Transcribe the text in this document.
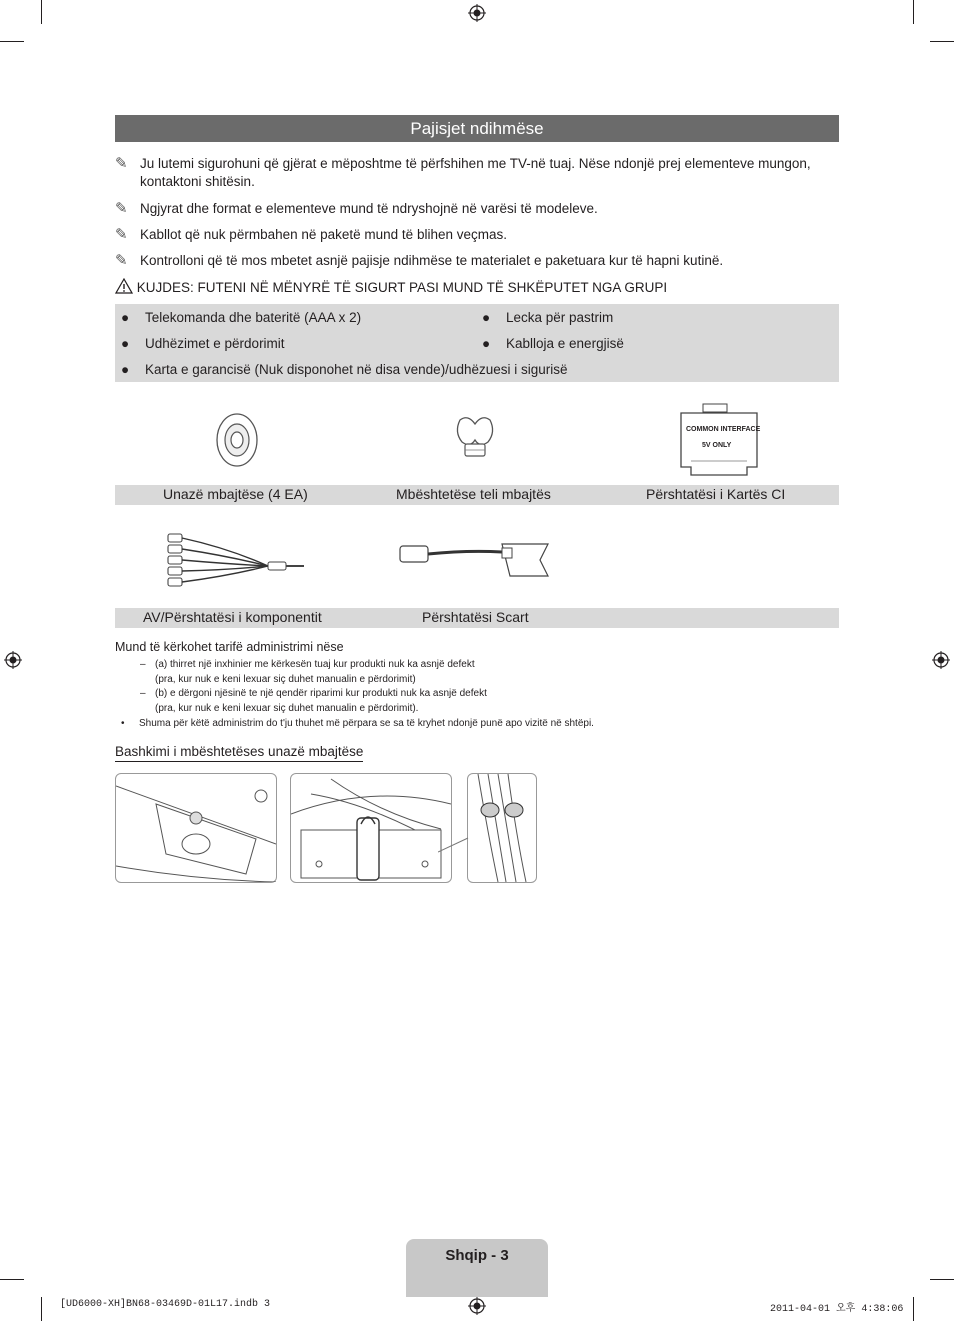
Pajisjet ndihmëse
✎ Ju lutemi sigurohuni që gjërat e mëposhtme të përfshihen me TV-në tuaj. Nëse ndonjë prej elementeve mungon, kontaktoni shitësin.
✎ Ngjyrat dhe format e elementeve mund të ndryshojnë në varësi të modeleve.
✎ Kabllot që nuk përmbahen në paketë mund të blihen veçmas.
✎ Kontrolloni që të mos mbetet asnjë pajisje ndihmëse te materialet e paketuara kur të hapni kutinë.
KUJDES: FUTENI NË MËNYRË TË SIGURT PASI MUND TË SHKËPUTET NGA GRUPI
● Telekomanda dhe bateritë (AAA x 2)	● Lecka për pastrim
● Udhëzimet e përdorimit	● Kablloja e energjisë
● Karta e garancisë (Nuk disponohet në disa vende)/udhëzuesi i sigurisë
COMMON INTERFACE
5V ONLY
Unazë mbajtëse (4 EA)	Mbështetëse teli mbajtës	Përshtatësi i Kartës CI
AV/Përshtatësi i komponentit	Përshtatësi Scart
Mund të kërkohet tarifë administrimi nëse
– (a) thirret një inxhinier me kërkesën tuaj kur produkti nuk ka asnjë defekt
(pra, kur nuk e keni lexuar siç duhet manualin e përdorimit)
– (b) e dërgoni njësinë te një qendër riparimi kur produkti nuk ka asnjë defekt
(pra, kur nuk e keni lexuar siç duhet manualin e përdorimit).
• Shuma për këtë administrim do t'ju thuhet më përpara se sa të kryhet ndonjë punë apo vizitë në shtëpi.
Bashkimi i mbështetëses unazë mbajtëse
Shqip - 3
[UD6000-XH]BN68-03469D-01L17.indb 3	2011-04-01 오후 4:38:06
